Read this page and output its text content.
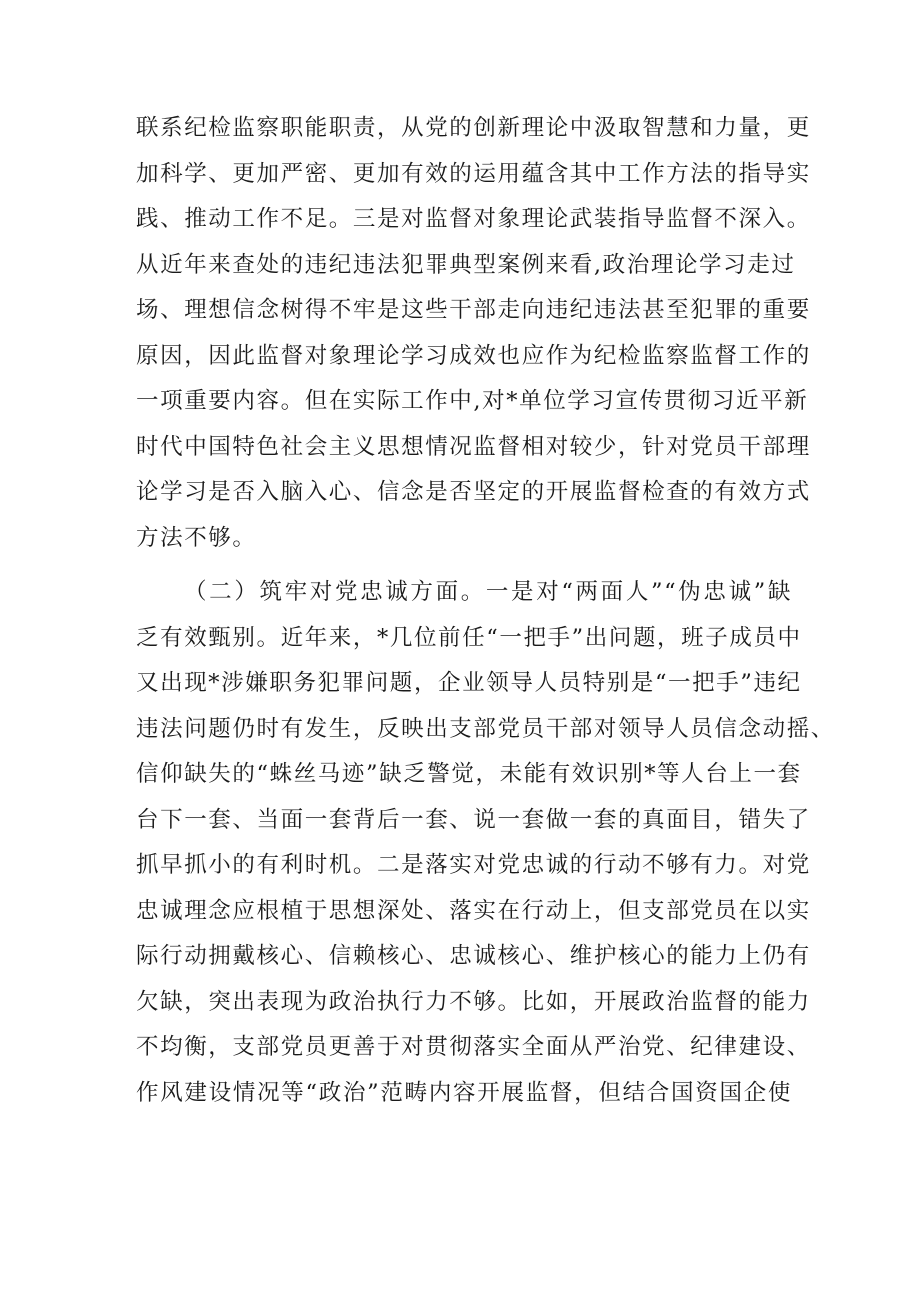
联系纪检监察职能职责，从党的创新理论中汲取智慧和力量，更
加科学、更加严密、更加有效的运用蕴含其中工作方法的指导实
践、推动工作不足。三是对监督对象理论武装指导监督不深入。
从近年来查处的违纪违法犯罪典型案例来看,政治理论学习走过
场、理想信念树得不牢是这些干部走向违纪违法甚至犯罪的重要
原因，因此监督对象理论学习成效也应作为纪检监察监督工作的
一项重要内容。但在实际工作中,对*单位学习宣传贯彻习近平新
时代中国特色社会主义思想情况监督相对较少，针对党员干部理
论学习是否入脑入心、信念是否坚定的开展监督检查的有效方式
方法不够。
（二）筑牢对党忠诚方面。一是对“两面人”“伪忠诚”缺
乏有效甄别。近年来，*几位前任“一把手”出问题，班子成员中
又出现*涉嫌职务犯罪问题，企业领导人员特别是“一把手”违纪
违法问题仍时有发生，反映出支部党员干部对领导人员信念动摇、
信仰缺失的“蛛丝马迹”缺乏警觉，未能有效识别*等人台上一套
台下一套、当面一套背后一套、说一套做一套的真面目，错失了
抓早抓小的有利时机。二是落实对党忠诚的行动不够有力。对党
忠诚理念应根植于思想深处、落实在行动上，但支部党员在以实
际行动拥戴核心、信赖核心、忠诚核心、维护核心的能力上仍有
欠缺，突出表现为政治执行力不够。比如，开展政治监督的能力
不均衡，支部党员更善于对贯彻落实全面从严治党、纪律建设、
作风建设情况等“政治”范畴内容开展监督，但结合国资国企使
